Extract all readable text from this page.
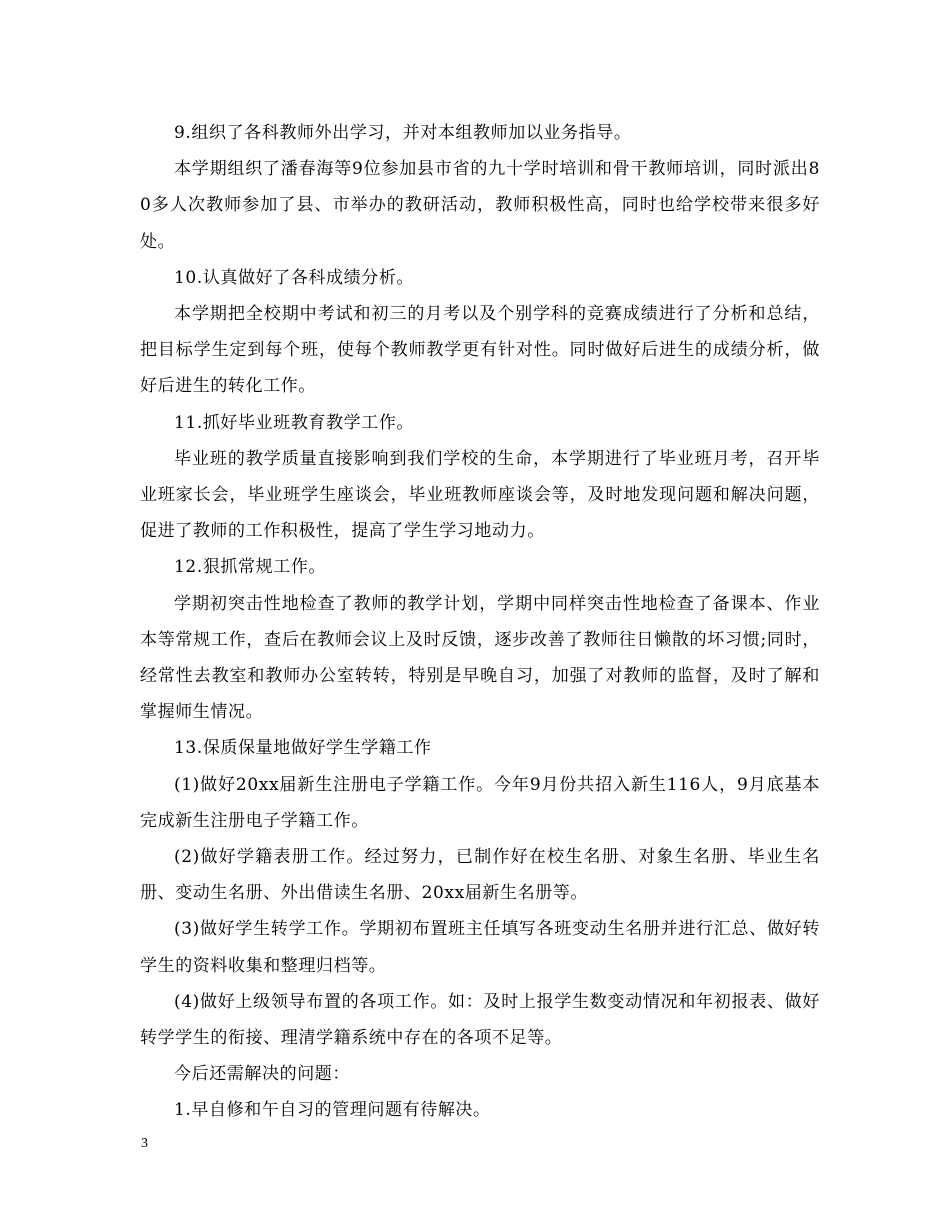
9.组织了各科教师外出学习，并对本组教师加以业务指导。

本学期组织了潘春海等9位参加县市省的九十学时培训和骨干教师培训，同时派出80多人次教师参加了县、市举办的教研活动，教师积极性高，同时也给学校带来很多好处。

10.认真做好了各科成绩分析。

本学期把全校期中考试和初三的月考以及个别学科的竞赛成绩进行了分析和总结，把目标学生定到每个班，使每个教师教学更有针对性。同时做好后进生的成绩分析，做好后进生的转化工作。

11.抓好毕业班教育教学工作。

毕业班的教学质量直接影响到我们学校的生命，本学期进行了毕业班月考，召开毕业班家长会，毕业班学生座谈会，毕业班教师座谈会等，及时地发现问题和解决问题，促进了教师的工作积极性，提高了学生学习地动力。

12.狠抓常规工作。

学期初突击性地检查了教师的教学计划，学期中同样突击性地检查了备课本、作业本等常规工作，查后在教师会议上及时反馈，逐步改善了教师往日懒散的坏习惯;同时，经常性去教室和教师办公室转转，特别是早晚自习，加强了对教师的监督，及时了解和掌握师生情况。

13.保质保量地做好学生学籍工作

(1)做好20xx届新生注册电子学籍工作。今年9月份共招入新生116人，9月底基本完成新生注册电子学籍工作。

(2)做好学籍表册工作。经过努力，已制作好在校生名册、对象生名册、毕业生名册、变动生名册、外出借读生名册、20xx届新生名册等。

(3)做好学生转学工作。学期初布置班主任填写各班变动生名册并进行汇总、做好转学生的资料收集和整理归档等。

(4)做好上级领导布置的各项工作。如：及时上报学生数变动情况和年初报表、做好转学学生的衔接、理清学籍系统中存在的各项不足等。

今后还需解决的问题：

1.早自修和午自习的管理问题有待解决。

3
